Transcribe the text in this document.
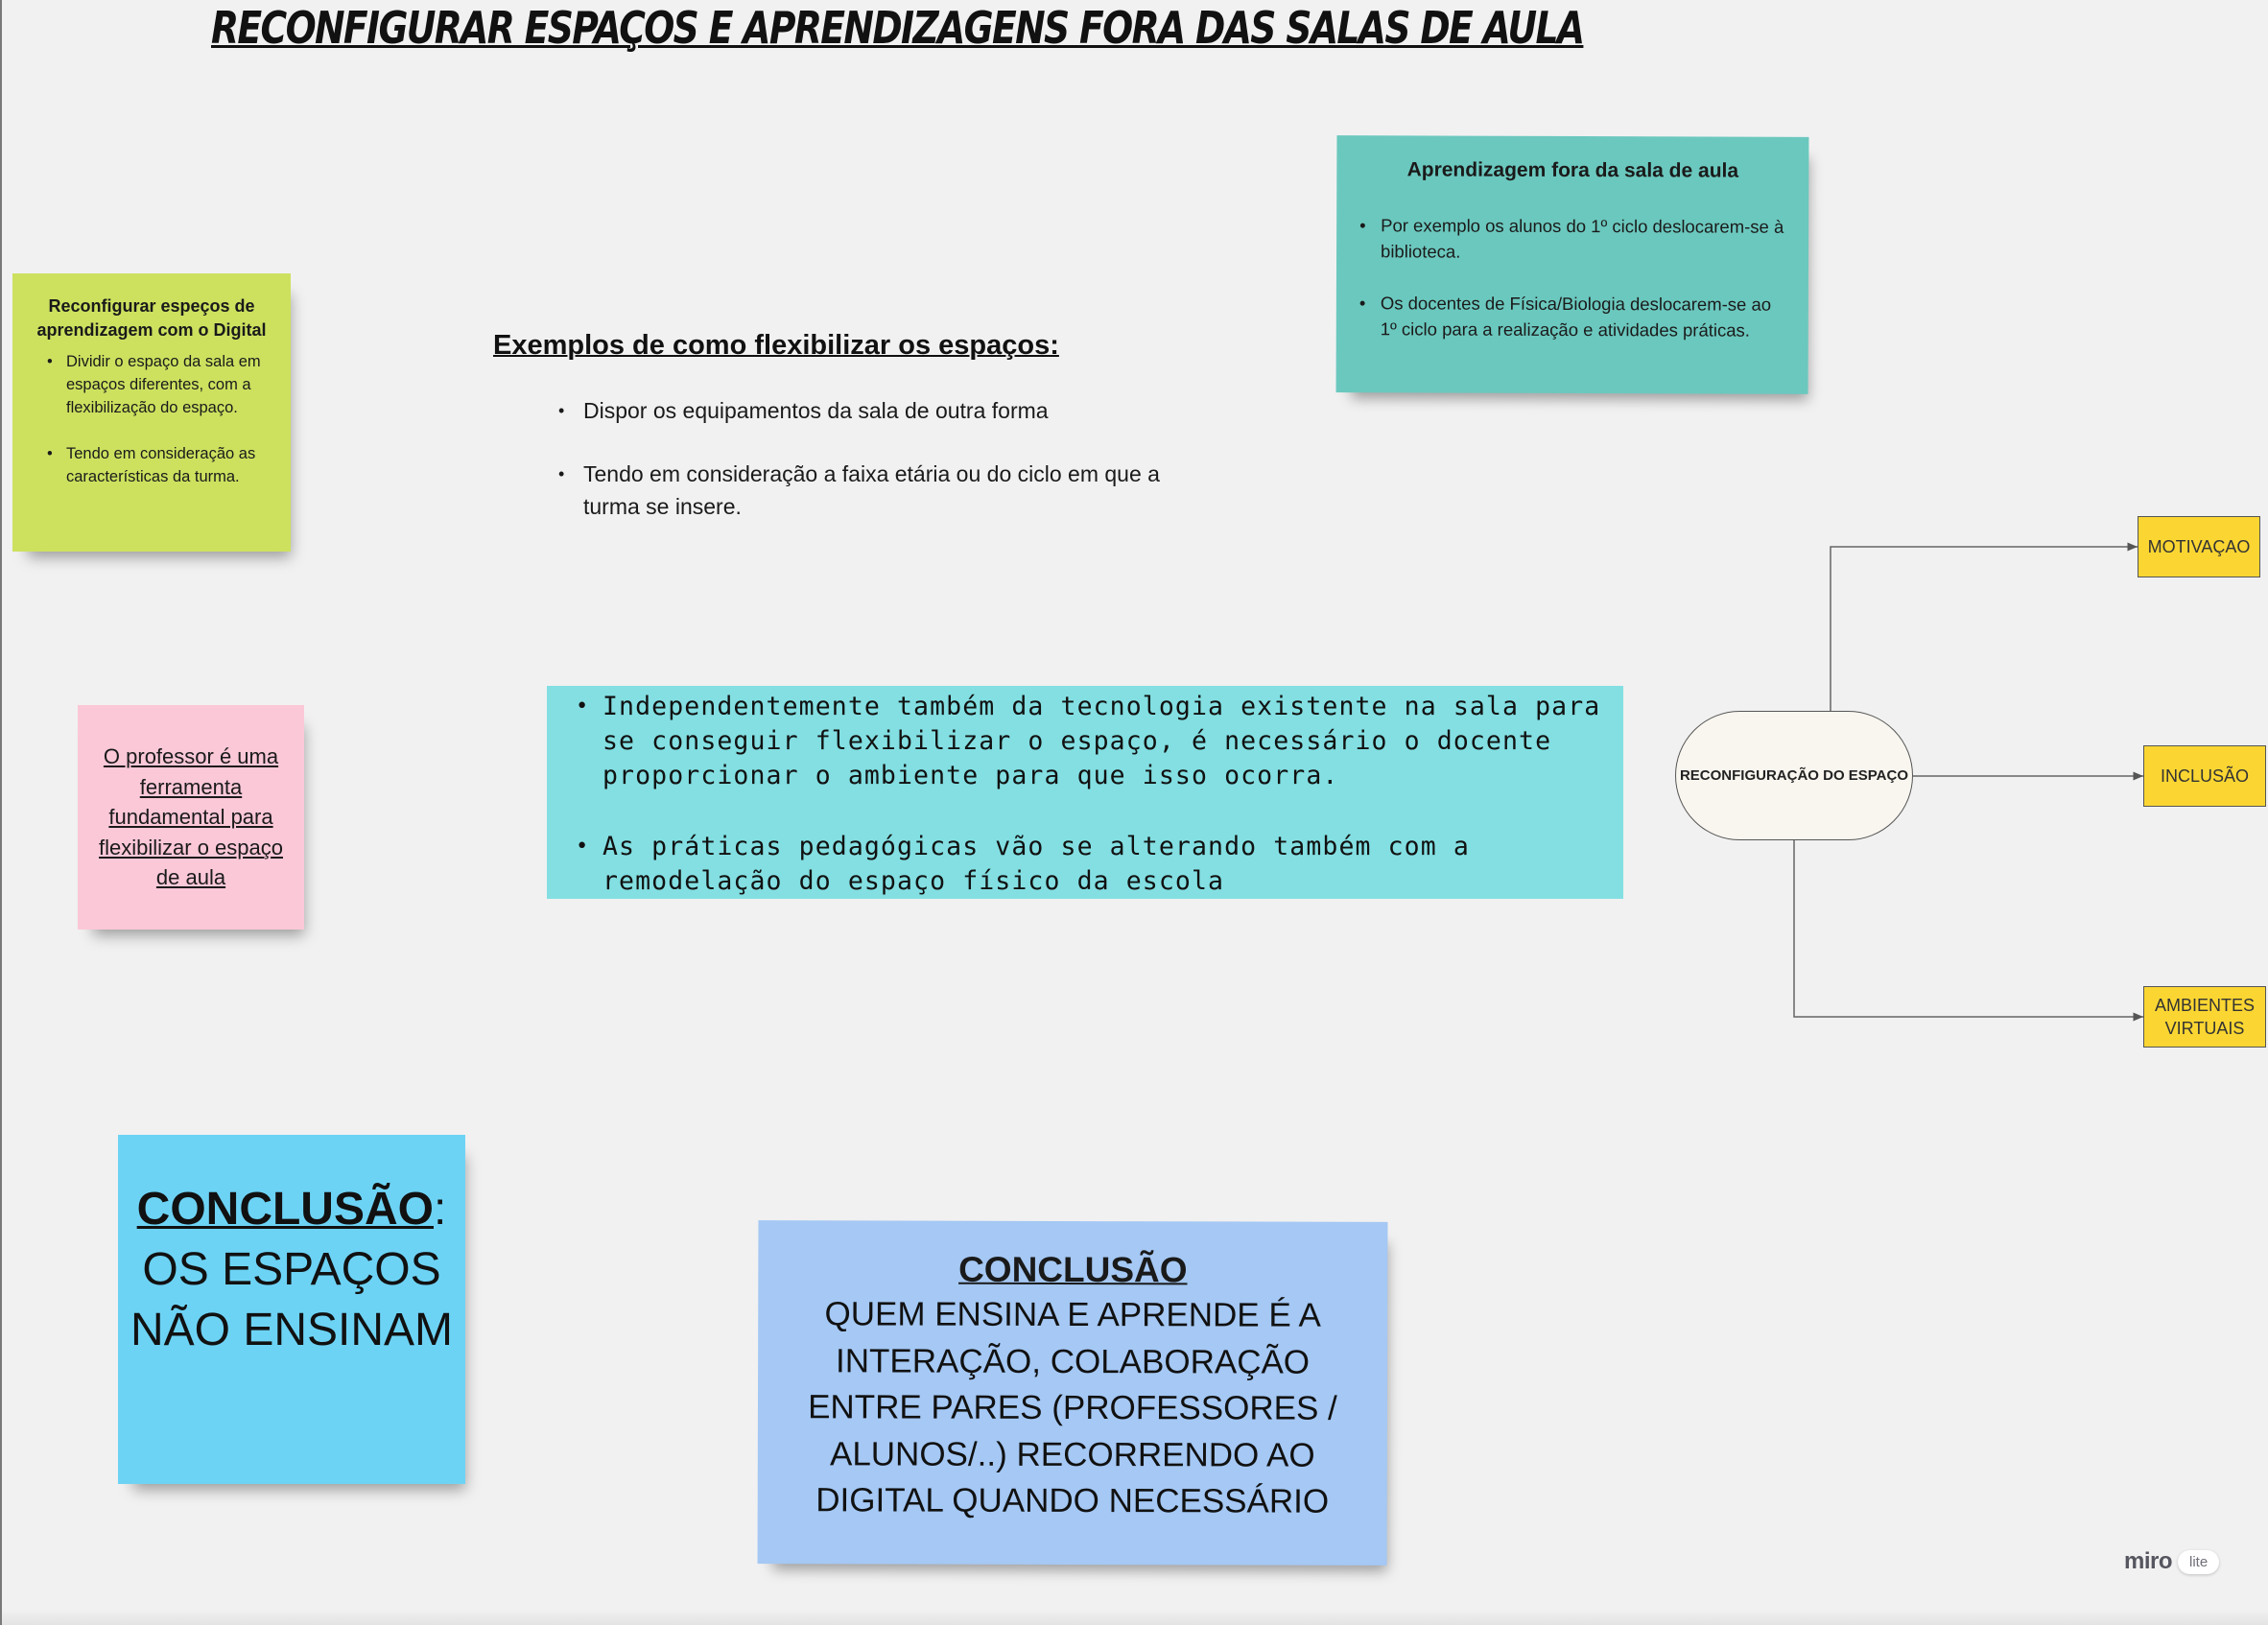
RECONFIGURAR ESPAÇOS E APRENDIZAGENS FORA DAS SALAS DE AULA
Reconfigurar espeços de aprendizagem com o Digital
• Dividir o espaço da sala em espaços diferentes, com a flexibilização do espaço.
• Tendo em consideração as características da turma.
Aprendizagem fora da sala de aula
• Por exemplo os alunos do 1º ciclo deslocarem-se à biblioteca.
• Os docentes de Física/Biologia deslocarem-se ao 1º ciclo para a realização e atividades práticas.
Exemplos de como flexibilizar os espaços:
• Dispor os equipamentos da sala de outra forma
• Tendo em consideração a faixa etária ou do ciclo em que a turma se insere.

O professor é uma ferramenta fundamental para flexibilizar o espaço de aula

• Independentemente também da tecnologia existente na sala para se conseguir flexibilizar o espaço, é necessário o docente proporcionar o ambiente para que isso ocorra.
• As práticas pedagógicas vão se alterando também com a remodelação do espaço físico da escola
RECONFIGURAÇÃO DO ESPAÇO
MOTIVAÇAO
INCLUSÃO
AMBIENTES VIRTUAIS
CONCLUSÃO:
OS ESPAÇOS NÃO ENSINAM
CONCLUSÃO

QUEM ENSINA E APRENDE É A INTERAÇÃO, COLABORAÇÃO ENTRE PARES (PROFESSORES / ALUNOS/..) RECORRENDO AO DIGITAL QUANDO NECESSÁRIO

miro	lite
